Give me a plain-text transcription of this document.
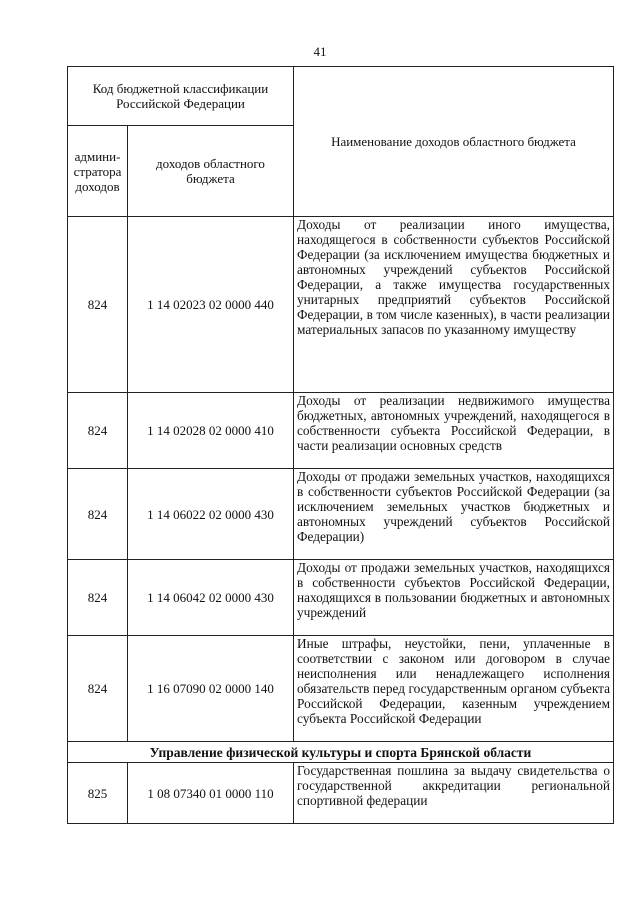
41
Код бюджетной классификации Российской Федерации		Наименование доходов областного бюджета
админи-стратора доходов	доходов областного бюджета	
824	1 14 02023 02 0000 440	Доходы от реализации иного имущества, находящегося в собственности субъектов Российской Федерации (за исключением имущества бюджетных и автономных учреждений субъектов Российской Федерации, а также имущества государственных унитарных предприятий субъектов Российской Федерации, в том числе казенных), в части реализации материальных запасов по указанному имуществу
824	1 14 02028 02 0000 410	Доходы от реализации недвижимого имущества бюджетных, автономных учреждений, находящегося в собственности субъекта Российской Федерации, в части реализации основных средств
824	1 14 06022 02 0000 430	Доходы от продажи земельных участков, находящихся в собственности субъектов Российской Федерации (за исключением земельных участков бюджетных и автономных учреждений субъектов Российской Федерации)
824	1 14 06042 02 0000 430	Доходы от продажи земельных участков, находящихся в собственности субъектов Российской Федерации, находящихся в пользовании бюджетных и автономных учреждений
824	1 16 07090 02 0000 140	Иные штрафы, неустойки, пени, уплаченные в соответствии с законом или договором в случае неисполнения или ненадлежащего исполнения обязательств перед государственным органом субъекта Российской Федерации, казенным учреждением субъекта Российской Федерации
Управление физической культуры и спорта Брянской области		
825	1 08 07340 01 0000 110	Государственная пошлина за выдачу свидетельства о государственной аккредитации региональной спортивной федерации
